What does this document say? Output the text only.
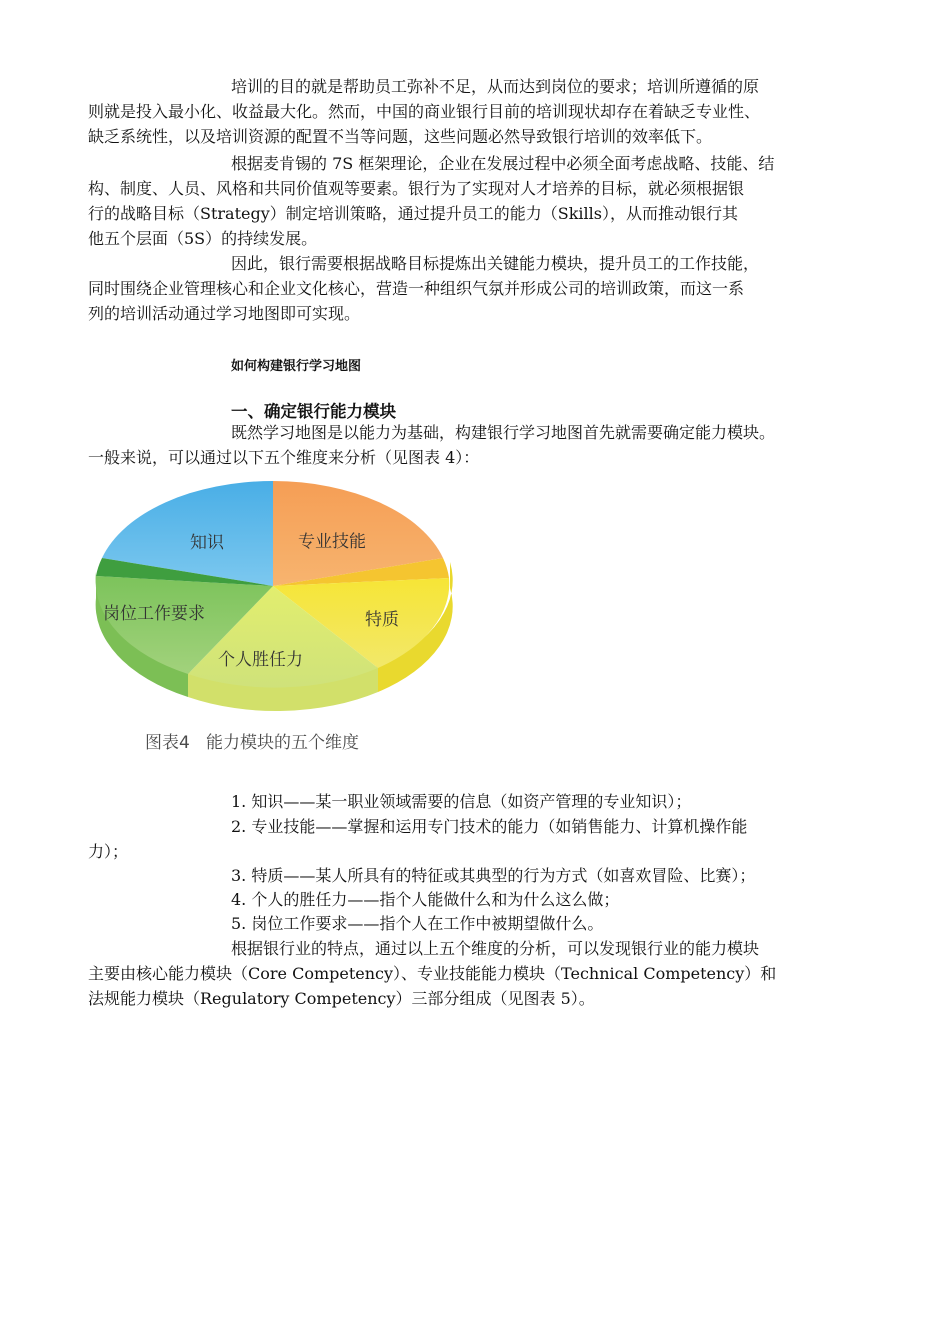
培训的目的就是帮助员工弥补不足，从而达到岗位的要求；培训所遵循的原
则就是投入最小化、收益最大化。然而，中国的商业银行目前的培训现状却存在着缺乏专业性、
缺乏系统性，以及培训资源的配置不当等问题，这些问题必然导致银行培训的效率低下。
根据麦肯锡的 7S 框架理论，企业在发展过程中必须全面考虑战略、技能、结
构、制度、人员、风格和共同价值观等要素。银行为了实现对人才培养的目标，就必须根据银
行的战略目标（Strategy）制定培训策略，通过提升员工的能力（Skills），从而推动银行其
他五个层面（5S）的持续发展。
因此，银行需要根据战略目标提炼出关键能力模块，提升员工的工作技能，
同时围绕企业管理核心和企业文化核心，营造一种组织气氛并形成公司的培训政策，而这一系
列的培训活动通过学习地图即可实现。
如何构建银行学习地图
一、确定银行能力模块
既然学习地图是以能力为基础，构建银行学习地图首先就需要确定能力模块。
一般来说，可以通过以下五个维度来分析（见图表 4）：
知识	专业技能
特质
个人胜任力
岗位工作要求
图表4   能力模块的五个维度
1. 知识——某一职业领域需要的信息（如资产管理的专业知识）；
2. 专业技能——掌握和运用专门技术的能力（如销售能力、计算机操作能
力）；
3. 特质——某人所具有的特征或其典型的行为方式（如喜欢冒险、比赛）；
4. 个人的胜任力——指个人能做什么和为什么这么做；
5. 岗位工作要求——指个人在工作中被期望做什么。
根据银行业的特点，通过以上五个维度的分析，可以发现银行业的能力模块
主要由核心能力模块（Core Competency）、专业技能能力模块（Technical Competency）和
法规能力模块（Regulatory Competency）三部分组成（见图表 5）。
